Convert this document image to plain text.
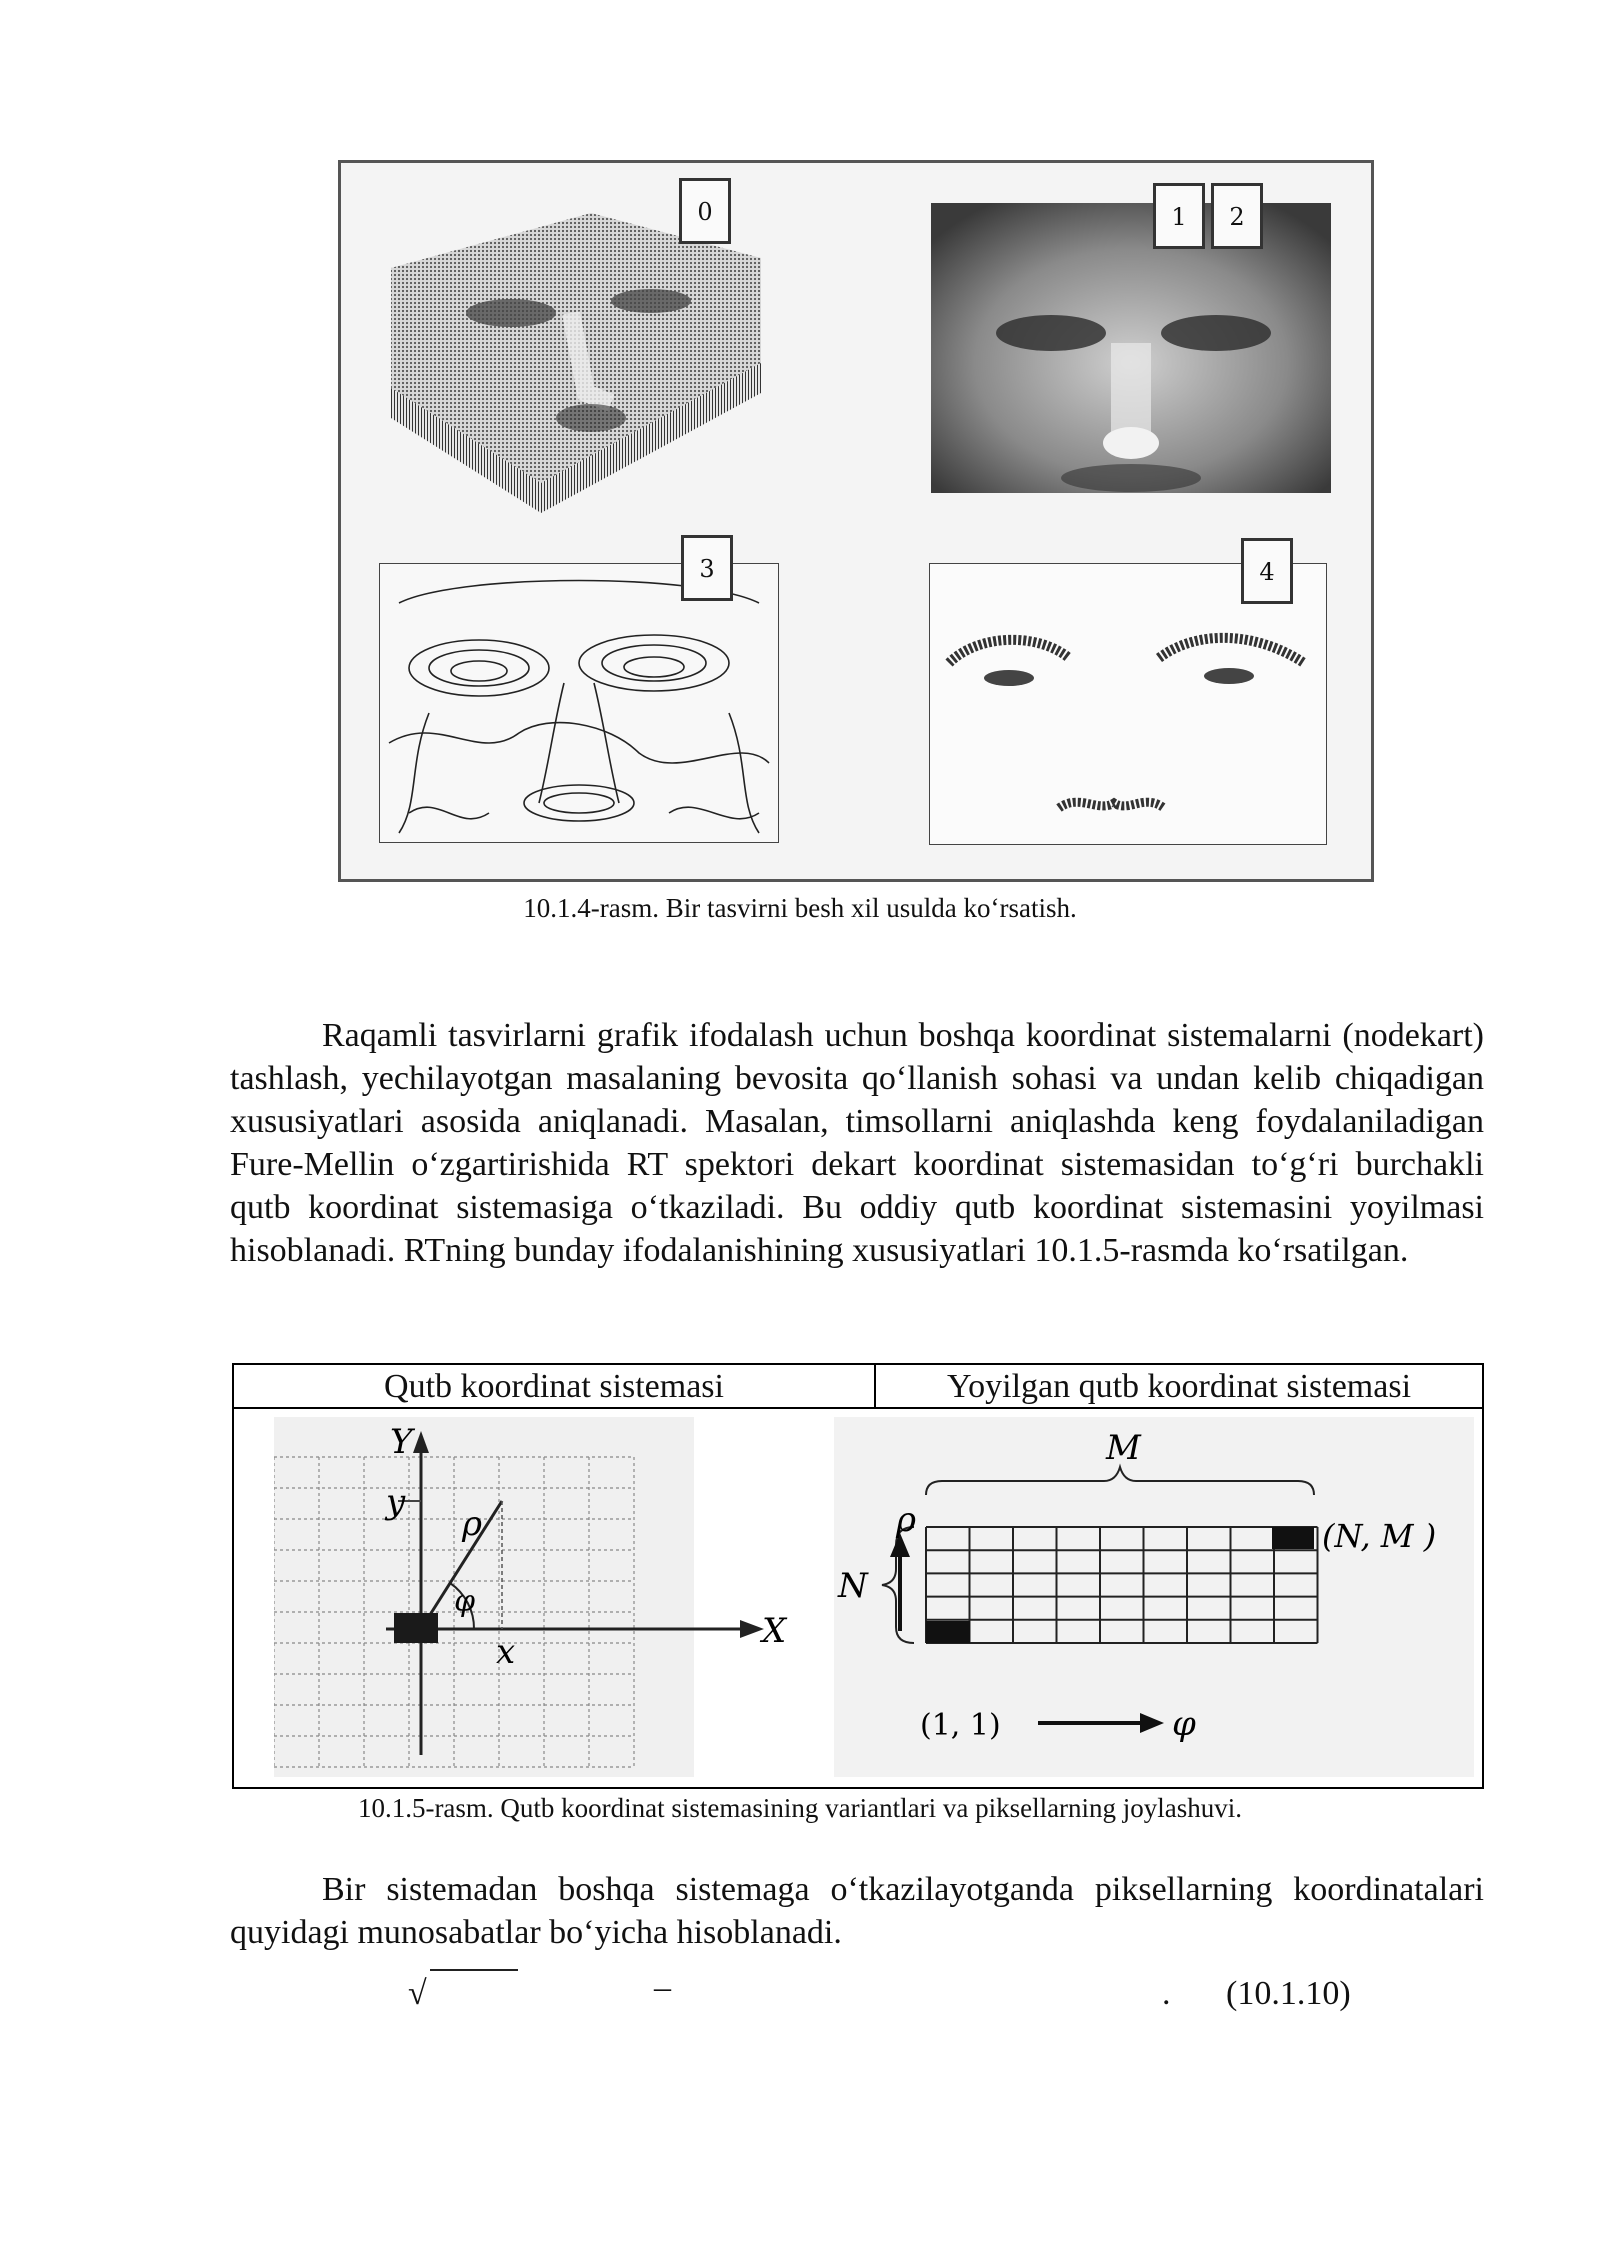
0	1	2
3	4
10.1.4-rasm. Bir tasvirni besh xil usulda ko‘rsatish.
Raqamli tasvirlarni grafik ifodalash uchun boshqa koordinat sistemalarni (nodekart) tashlash, yechilayotgan masalaning bevosita qo‘llanish sohasi va undan kelib chiqadigan xususiyatlari asosida aniqlanadi. Masalan, timsollarni aniqlashda keng foydalaniladigan Fure-Mellin o‘zgartirishida RT spektori dekart koordinat sistemasidan to‘g‘ri burchakli qutb koordinat sistemasiga o‘tkaziladi. Bu oddiy qutb koordinat sistemasini yoyilmasi hisoblanadi. RTning bunday ifodalanishining xususiyatlari 10.1.5-rasmda ko‘rsatilgan.
Qutb koordinat sistemasi	Yoyilgan qutb koordinat sistemasi
Y
X
y
x
ρ
φ
M
N
ρ
φ
(N, M )
(1, 1)
10.1.5-rasm. Qutb koordinat sistemasining variantlari va piksellarning joylashuvi.
Bir sistemadan boshqa sistemaga o‘tkazilayotganda piksellarning koordinatalari quyidagi munosabatlar bo‘yicha hisoblanadi.
√	–	. (10.1.10)
